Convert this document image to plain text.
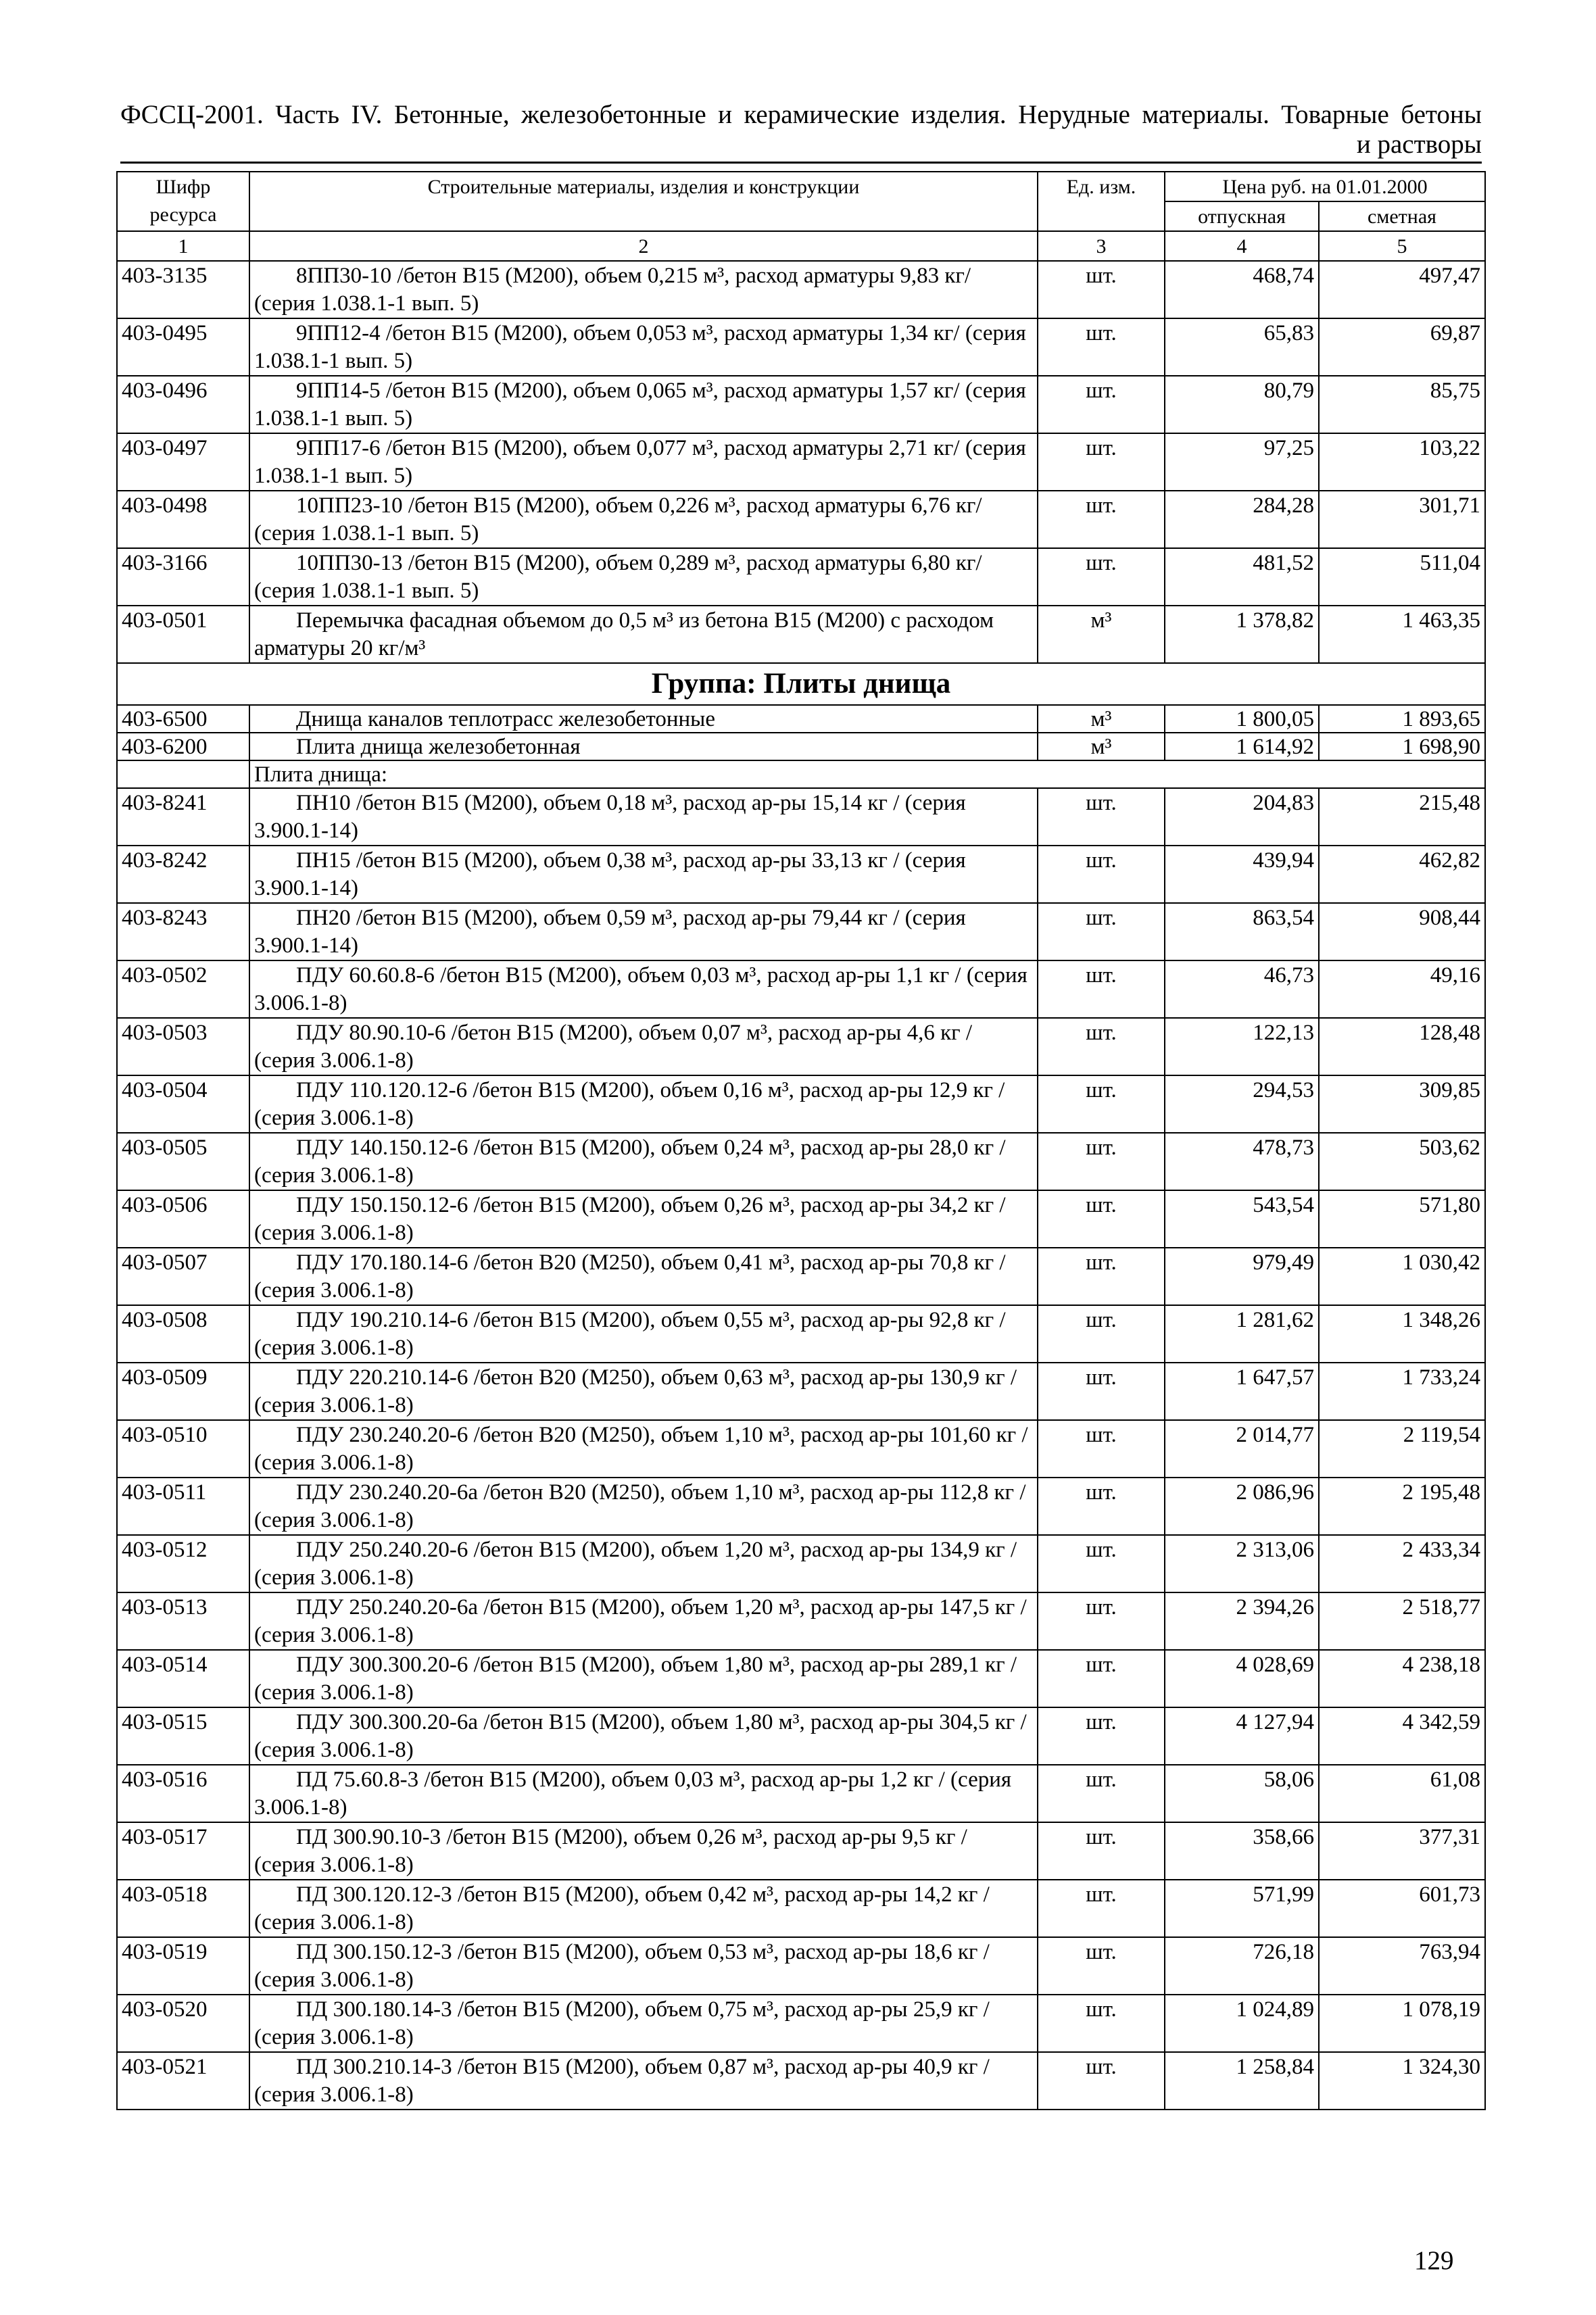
ФССЦ-2001. Часть IV. Бетонные, железобетонные и керамические изделия. Нерудные материалы. Товарные бетоны
и растворы
Шифр ресурса	Строительные материалы, изделия и конструкции	Ед. изм.	Цена руб. на 01.01.2000	
			отпускная	сметная
1	2	3	4	5
403-3135	8ПП30-10 /бетон B15 (М200), объем 0,215 м³, расход арматуры 9,83 кг/ (серия 1.038.1-1 вып. 5)	шт.	468,74	497,47
403-0495	9ПП12-4 /бетон B15 (М200), объем 0,053 м³, расход арматуры 1,34 кг/ (серия 1.038.1-1 вып. 5)	шт.	65,83	69,87
403-0496	9ПП14-5 /бетон B15 (М200), объем 0,065 м³, расход арматуры 1,57 кг/ (серия 1.038.1-1 вып. 5)	шт.	80,79	85,75
403-0497	9ПП17-6 /бетон B15 (М200), объем 0,077 м³, расход арматуры 2,71 кг/ (серия 1.038.1-1 вып. 5)	шт.	97,25	103,22
403-0498	10ПП23-10 /бетон B15 (М200), объем 0,226 м³, расход арматуры 6,76 кг/ (серия 1.038.1-1 вып. 5)	шт.	284,28	301,71
403-3166	10ПП30-13 /бетон B15 (М200), объем 0,289 м³, расход арматуры 6,80 кг/ (серия 1.038.1-1 вып. 5)	шт.	481,52	511,04
403-0501	Перемычка фасадная объемом до 0,5 м³ из бетона B15 (М200) с расходом арматуры 20 кг/м³	м³	1 378,82	1 463,35
Группа: Плиты днища				
403-6500	Днища каналов теплотрасс железобетонные	м³	1 800,05	1 893,65
403-6200	Плита днища железобетонная	м³	1 614,92	1 698,90

	Плита днища:			

403-8241	ПН10 /бетон B15 (М200), объем 0,18 м³, расход ар-ры 15,14 кг / (серия 3.900.1-14)	шт.	204,83	215,48
403-8242	ПН15 /бетон B15 (М200), объем 0,38 м³, расход ар-ры 33,13 кг / (серия 3.900.1-14)	шт.	439,94	462,82
403-8243	ПН20 /бетон B15 (М200), объем 0,59 м³, расход ар-ры 79,44 кг / (серия 3.900.1-14)	шт.	863,54	908,44
403-0502	ПДУ 60.60.8-6 /бетон B15 (М200), объем 0,03 м³, расход ар-ры 1,1 кг / (серия 3.006.1-8)	шт.	46,73	49,16
403-0503	ПДУ 80.90.10-6 /бетон B15 (М200), объем 0,07 м³, расход ар-ры 4,6 кг / (серия 3.006.1-8)	шт.	122,13	128,48
403-0504	ПДУ 110.120.12-6 /бетон B15 (М200), объем 0,16 м³, расход ар-ры 12,9 кг / (серия 3.006.1-8)	шт.	294,53	309,85
403-0505	ПДУ 140.150.12-6 /бетон B15 (М200), объем 0,24 м³, расход ар-ры 28,0 кг / (серия 3.006.1-8)	шт.	478,73	503,62
403-0506	ПДУ 150.150.12-6 /бетон B15 (М200), объем 0,26 м³, расход ар-ры 34,2 кг / (серия 3.006.1-8)	шт.	543,54	571,80
403-0507	ПДУ 170.180.14-6 /бетон B20 (М250), объем 0,41 м³, расход ар-ры 70,8 кг / (серия 3.006.1-8)	шт.	979,49	1 030,42
403-0508	ПДУ 190.210.14-6 /бетон B15 (М200), объем 0,55 м³, расход ар-ры 92,8 кг / (серия 3.006.1-8)	шт.	1 281,62	1 348,26
403-0509	ПДУ 220.210.14-6 /бетон B20 (М250), объем 0,63 м³, расход ар-ры 130,9 кг / (серия 3.006.1-8)	шт.	1 647,57	1 733,24
403-0510	ПДУ 230.240.20-6 /бетон B20 (М250), объем 1,10 м³, расход ар-ры 101,60 кг / (серия 3.006.1-8)	шт.	2 014,77	2 119,54
403-0511	ПДУ 230.240.20-6а /бетон B20 (М250), объем 1,10 м³, расход ар-ры 112,8 кг / (серия 3.006.1-8)	шт.	2 086,96	2 195,48
403-0512	ПДУ 250.240.20-6 /бетон B15 (М200), объем 1,20 м³, расход ар-ры 134,9 кг / (серия 3.006.1-8)	шт.	2 313,06	2 433,34
403-0513	ПДУ 250.240.20-6а /бетон B15 (М200), объем 1,20 м³, расход ар-ры 147,5 кг / (серия 3.006.1-8)	шт.	2 394,26	2 518,77
403-0514	ПДУ 300.300.20-6 /бетон B15 (М200), объем 1,80 м³, расход ар-ры 289,1 кг / (серия 3.006.1-8)	шт.	4 028,69	4 238,18
403-0515	ПДУ 300.300.20-6а /бетон B15 (М200), объем 1,80 м³, расход ар-ры 304,5 кг / (серия 3.006.1-8)	шт.	4 127,94	4 342,59
403-0516	ПД 75.60.8-3 /бетон B15 (М200), объем 0,03 м³, расход ар-ры 1,2 кг / (серия 3.006.1-8)	шт.	58,06	61,08
403-0517	ПД 300.90.10-3 /бетон B15 (М200), объем 0,26 м³, расход ар-ры 9,5 кг / (серия 3.006.1-8)	шт.	358,66	377,31
403-0518	ПД 300.120.12-3 /бетон B15 (М200), объем 0,42 м³, расход ар-ры 14,2 кг / (серия 3.006.1-8)	шт.	571,99	601,73
403-0519	ПД 300.150.12-3 /бетон B15 (М200), объем 0,53 м³, расход ар-ры 18,6 кг / (серия 3.006.1-8)	шт.	726,18	763,94
403-0520	ПД 300.180.14-3 /бетон B15 (М200), объем 0,75 м³, расход ар-ры 25,9 кг / (серия 3.006.1-8)	шт.	1 024,89	1 078,19
403-0521	ПД 300.210.14-3 /бетон B15 (М200), объем 0,87 м³, расход ар-ры 40,9 кг / (серия 3.006.1-8)	шт.	1 258,84	1 324,30
129
